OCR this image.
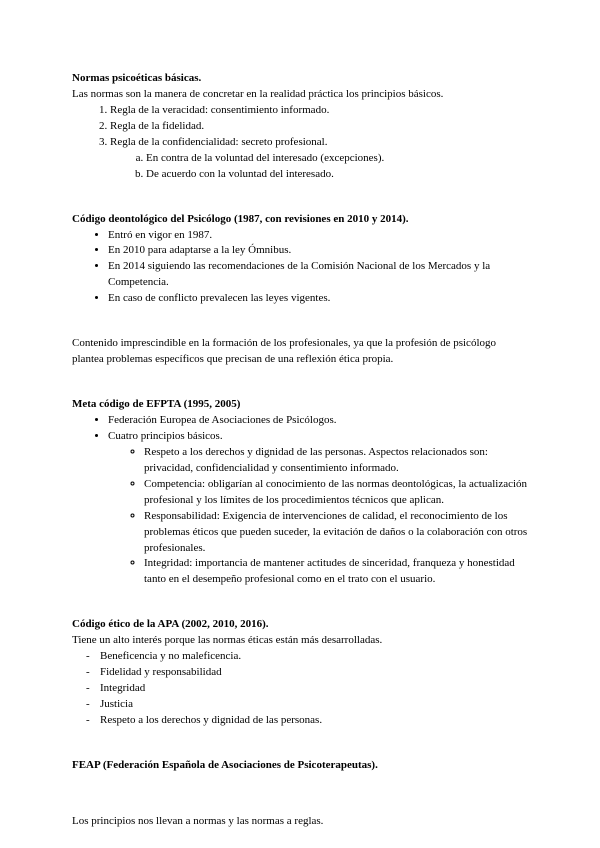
Normas psicoéticas básicas.

Las normas son la manera de concretar en la realidad práctica los principios básicos.

1. Regla de la veracidad: consentimiento informado.
2. Regla de la fidelidad.
3. Regla de la confidencialidad: secreto profesional.
a. En contra de la voluntad del interesado (excepciones).
b. De acuerdo con la voluntad del interesado.
Código deontológico del Psicólogo (1987, con revisiones en 2010 y 2014).
• Entró en vigor en 1987.
• En 2010 para adaptarse a la ley Ómnibus.
• En 2014 siguiendo las recomendaciones de la Comisión Nacional de los Mercados y la Competencia.
• En caso de conflicto prevalecen las leyes vigentes.

Contenido imprescindible en la formación de los profesionales, ya que la profesión de psicólogo plantea problemas específicos que precisan de una reflexión ética propia.

Meta código de EFPTA (1995, 2005)
• Federación Europea de Asociaciones de Psicólogos.
• Cuatro principios básicos.
◦ Respeto a los derechos y dignidad de las personas. Aspectos relacionados son: privacidad, confidencialidad y consentimiento informado.
◦ Competencia: obligarían al conocimiento de las normas deontológicas, la actualización profesional y los límites de los procedimientos técnicos que aplican.
◦ Responsabilidad: Exigencia de intervenciones de calidad, el reconocimiento de los problemas éticos que pueden suceder, la evitación de daños o la colaboración con otros profesionales.
◦ Integridad: importancia de mantener actitudes de sinceridad, franqueza y honestidad tanto en el desempeño profesional como en el trato con el usuario.
Código ético de la APA (2002, 2010, 2016).

Tiene un alto interés porque las normas éticas están más desarrolladas.

- Beneficencia y no maleficencia.
- Fidelidad y responsabilidad
- Integridad
- Justicia
- Respeto a los derechos y dignidad de las personas.
FEAP (Federación Española de Asociaciones de Psicoterapeutas).

Los principios nos llevan a normas y las normas a reglas.
